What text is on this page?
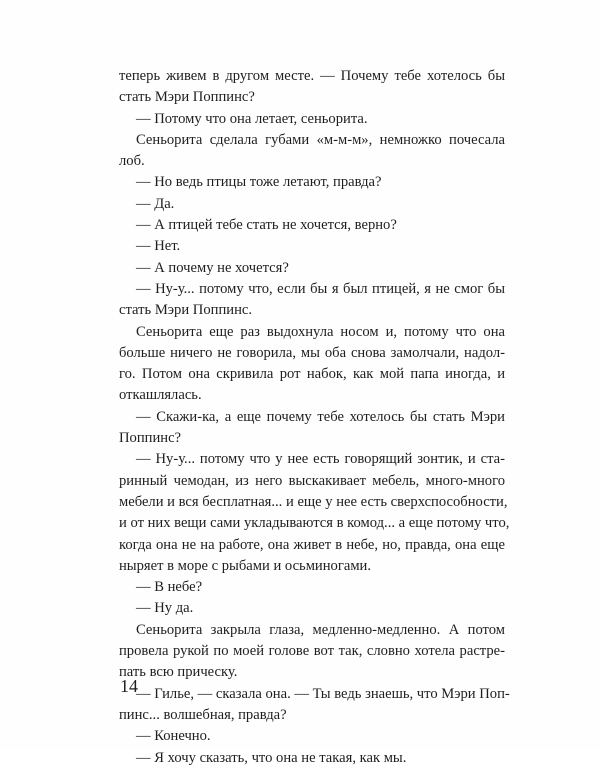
теперь живем в другом месте. — Почему тебе хотелось бы
стать Мэри Поппинс?
— Потому что она летает, сеньорита.
Сеньорита сделала губами «м-м-м», немножко почесала
лоб.
— Но ведь птицы тоже летают, правда?
— Да.
— А птицей тебе стать не хочется, верно?
— Нет.
— А почему не хочется?
— Ну-у... потому что, если бы я был птицей, я не смог бы
стать Мэри Поппинс.
Сеньорита еще раз выдохнула носом и, потому что она
больше ничего не говорила, мы оба снова замолчали, надол-
го. Потом она скривила рот набок, как мой папа иногда, и
откашлялась.
— Скажи-ка, а еще почему тебе хотелось бы стать Мэри
Поппинс?
— Ну-у... потому что у нее есть говорящий зонтик, и ста-
ринный чемодан, из него выскакивает мебель, много-много
мебели и вся бесплатная... и еще у нее есть сверхспособности,
и от них вещи сами укладываются в комод... а еще потому что,
когда она не на работе, она живет в небе, но, правда, она еще
ныряет в море с рыбами и осьминогами.
— В небе?
— Ну да.
Сеньорита закрыла глаза, медленно-медленно. А потом
провела рукой по моей голове вот так, словно хотела растре-
пать всю прическу.
— Гилье, — сказала она. — Ты ведь знаешь, что Мэри Поп-
пинс... волшебная, правда?
— Конечно.
— Я хочу сказать, что она не такая, как мы.
14
